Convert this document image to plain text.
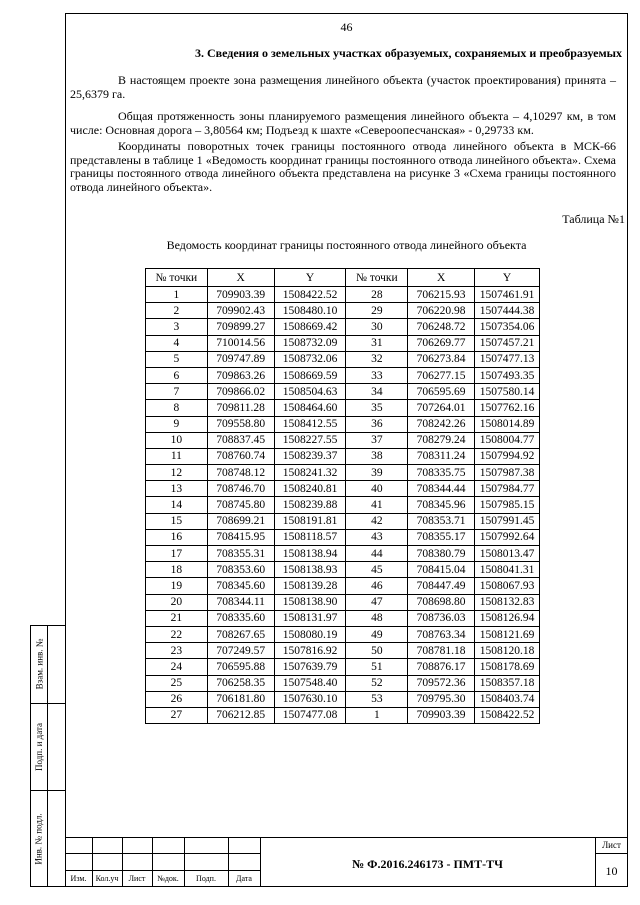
46
3. Сведения о земельных участках образуемых, сохраняемых и преобразуемых
В настоящем проекте зона размещения линейного объекта (участок проектирования) принята – 25,6379 га.
Общая протяженность зоны планируемого размещения линейного объекта – 4,10297 км, в том числе: Основная дорога – 3,80564 км; Подъезд к шахте «Североопесчанская» - 0,29733 км.
Координаты поворотных точек границы постоянного отвода линейного объекта в МСК-66 представлены в таблице 1 «Ведомость координат границы постоянного отвода линейного объекта». Схема границы постоянного отвода линейного объекта представлена на рисунке 3 «Схема границы постоянного отвода линейного объекта».
Таблица №1
Ведомость координат границы постоянного отвода линейного объекта
№ точки	X	Y	№ точки	X	Y
1	709903.39	1508422.52	28	706215.93	1507461.91
2	709902.43	1508480.10	29	706220.98	1507444.38
3	709899.27	1508669.42	30	706248.72	1507354.06
4	710014.56	1508732.09	31	706269.77	1507457.21
5	709747.89	1508732.06	32	706273.84	1507477.13
6	709863.26	1508669.59	33	706277.15	1507493.35
7	709866.02	1508504.63	34	706595.69	1507580.14
8	709811.28	1508464.60	35	707264.01	1507762.16
9	709558.80	1508412.55	36	708242.26	1508014.89
10	708837.45	1508227.55	37	708279.24	1508004.77
11	708760.74	1508239.37	38	708311.24	1507994.92
12	708748.12	1508241.32	39	708335.75	1507987.38
13	708746.70	1508240.81	40	708344.44	1507984.77
14	708745.80	1508239.88	41	708345.96	1507985.15
15	708699.21	1508191.81	42	708353.71	1507991.45
16	708415.95	1508118.57	43	708355.17	1507992.64
17	708355.31	1508138.94	44	708380.79	1508013.47
18	708353.60	1508138.93	45	708415.04	1508041.31
19	708345.60	1508139.28	46	708447.49	1508067.93
20	708344.11	1508138.90	47	708698.80	1508132.83
21	708335.60	1508131.97	48	708736.03	1508126.94
22	708267.65	1508080.19	49	708763.34	1508121.69
23	707249.57	1507816.92	50	708781.18	1508120.18
24	706595.88	1507639.79	51	708876.17	1508178.69
25	706258.35	1507548.40	52	709572.36	1508357.18
26	706181.80	1507630.10	53	709795.30	1508403.74
27	706212.85	1507477.08	1	709903.39	1508422.52
Взам. инв. №
Подп. и дата
Инв. № подл.
Изм.	Кол.уч	Лист	№док.	Подп.	Дата
№ Ф.2016.246173 - ПМТ-ТЧ
Лист
10
